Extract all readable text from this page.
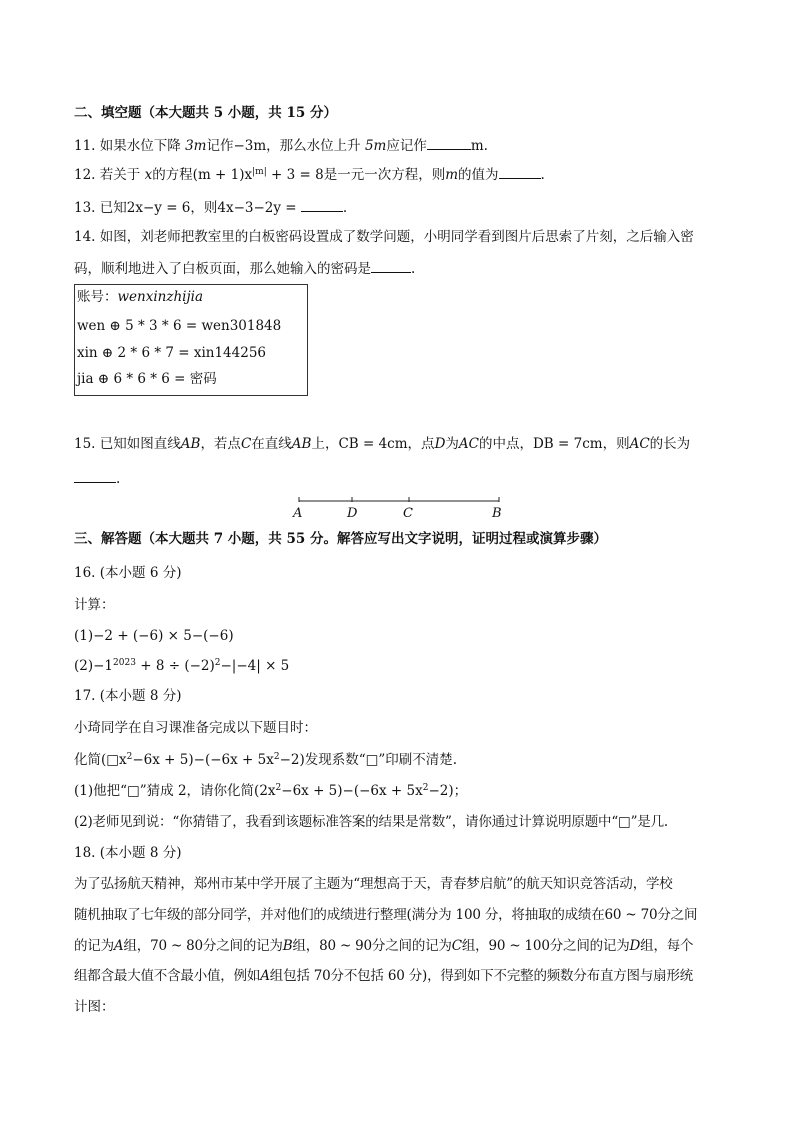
二、填空题（本大题共 5 小题，共 15 分）
11. 如果水位下降 3m记作−3m，那么水位上升 5m应记作	m.
12. 若关于 x的方程$(m + 1)x^{|m|} + 3 = 8$是一元一次方程，则m的值为	.
13. 已知2x−y = 6，则4x−3−2y =	.
14. 如图，刘老师把教室里的白板密码设置成了数学问题，小明同学看到图片后思索了片刻，之后输入密
码，顺利地进入了白板页面，那么她输入的密码是	.
账号：wenxinzhijia
wen ⊕ 5 * 3 * 6 = wen301848
xin ⊕ 2 * 6 * 7 = xin144256
jia ⊕ 6 * 6 * 6 = 密码
15. 已知如图直线AB，若点C在直线AB上，CB = 4cm，点D为AC的中点，DB = 7cm，则AC的长为
.
A	D	C	B
三、解答题（本大题共 7 小题，共 55 分。解答应写出文字说明，证明过程或演算步骤）
16. (本小题 6 分)
计算：
(1)−2 + (−6) × 5−(−6)
$(2)-1^{2023} + 8 \div (-2)^2-|-4| \times 5$
17. (本小题 8 分)
小琦同学在自习课准备完成以下题目时：
化简$(□x^2-6x + 5)-(-6x + 5x^2-2)$发现系数“□”印刷不清楚.
(1)他把“□”猜成 2，请你化简$(2x^2-6x + 5)-(-6x + 5x^2-2)$；
(2)老师见到说：“你猜错了，我看到该题标准答案的结果是常数”，请你通过计算说明原题中“□”是几.
18. (本小题 8 分)
为了弘扬航天精神，郑州市某中学开展了主题为“理想高于天，青春梦启航”的航天知识竞答活动，学校
随机抽取了七年级的部分同学，并对他们的成绩进行整理(满分为 100 分，将抽取的成绩在60 ~ 70分之间
的记为A组，70 ~ 80分之间的记为B组，80 ~ 90分之间的记为C组，90 ~ 100分之间的记为D组，每个
组都含最大值不含最小值，例如A组包括 70分不包括 60 分)，得到如下不完整的频数分布直方图与扇形统
计图：
